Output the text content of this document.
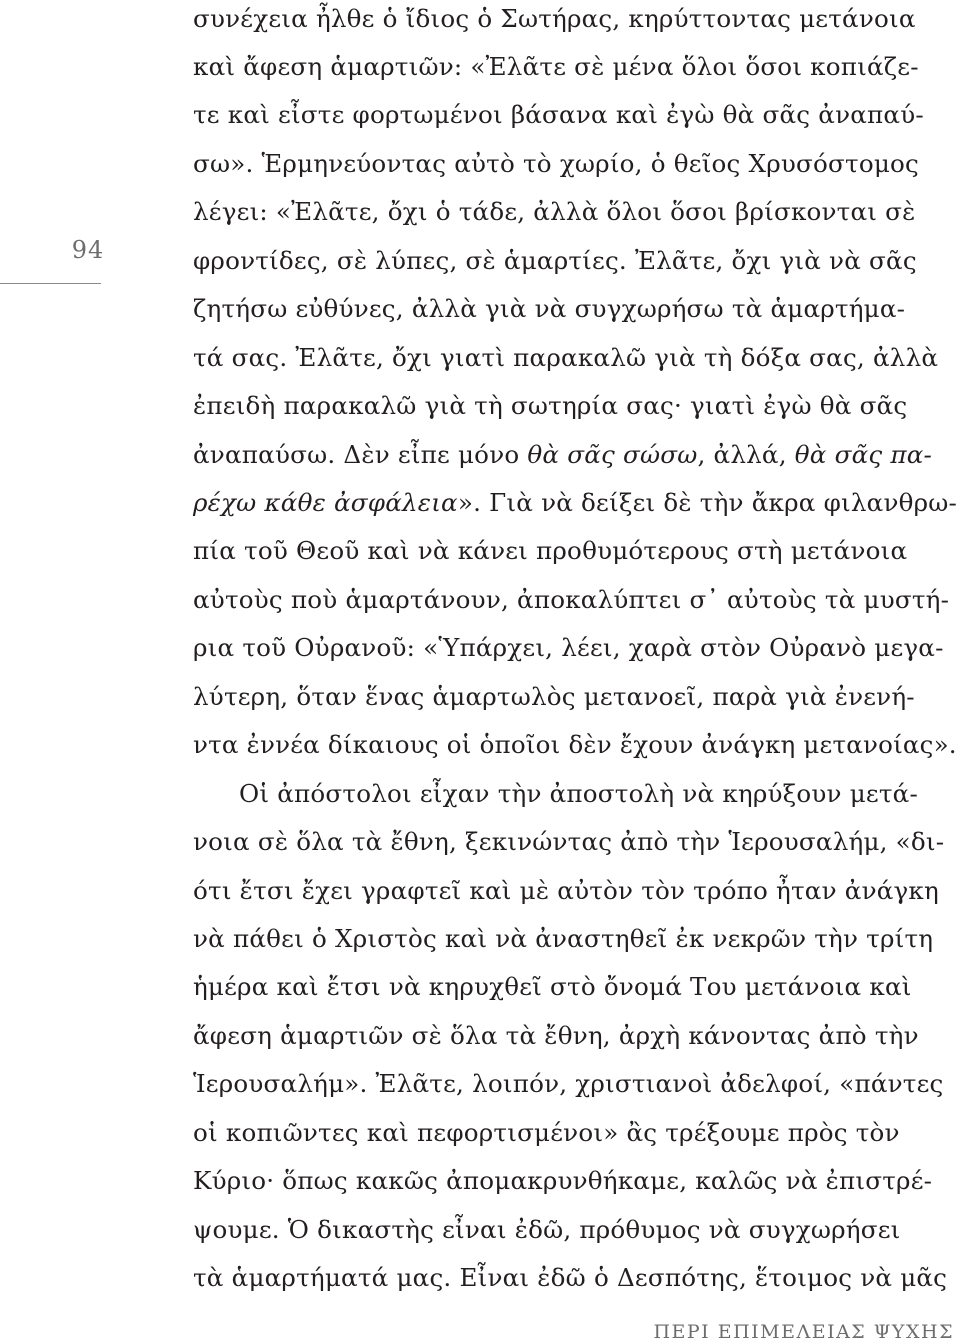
94
συνέχεια ἦλθε ὁ ἴδιος ὁ Σωτήρας, κηρύττοντας μετάνοια
καὶ ἄφεση ἁμαρτιῶν: «Ἐλᾶτε σὲ μένα ὅλοι ὅσοι κοπιάζε-
τε καὶ εἶστε φορτωμένοι βάσανα καὶ ἐγὼ θὰ σᾶς ἀναπαύ-
σω». Ἑρμηνεύοντας αὐτὸ τὸ χωρίο, ὁ θεῖος Χρυσόστομος
λέγει: «Ἐλᾶτε, ὄχι ὁ τάδε, ἀλλὰ ὅλοι ὅσοι βρίσκονται σὲ
φροντίδες, σὲ λύπες, σὲ ἁμαρτίες. Ἐλᾶτε, ὄχι γιὰ νὰ σᾶς
ζητήσω εὐθύνες, ἀλλὰ γιὰ νὰ συγχωρήσω τὰ ἁμαρτήμα-
τά σας. Ἐλᾶτε, ὄχι γιατὶ παρακαλῶ γιὰ τὴ δόξα σας, ἀλλὰ
ἐπειδὴ παρακαλῶ γιὰ τὴ σωτηρία σας· γιατὶ ἐγὼ θὰ σᾶς
ἀναπαύσω. Δὲν εἶπε μόνο θὰ σᾶς σώσω, ἀλλά, θὰ σᾶς πα-
ρέχω κάθε ἀσφάλεια». Γιὰ νὰ δείξει δὲ τὴν ἄκρα φιλανθρω-
πία τοῦ Θεοῦ καὶ νὰ κάνει προθυμότερους στὴ μετάνοια
αὐτοὺς ποὺ ἁμαρτάνουν, ἀποκαλύπτει σ᾽ αὐτοὺς τὰ μυστή-
ρια τοῦ Οὐρανοῦ: «Ὑπάρχει, λέει, χαρὰ στὸν Οὐρανὸ μεγα-
λύτερη, ὅταν ἕνας ἁμαρτωλὸς μετανοεῖ, παρὰ γιὰ ἐνενή-
ντα ἐννέα δίκαιους οἱ ὁποῖοι δὲν ἔχουν ἀνάγκη μετανοίας».
Οἱ ἀπόστολοι εἶχαν τὴν ἀποστολὴ νὰ κηρύξουν μετά-
νοια σὲ ὅλα τὰ ἔθνη, ξεκινώντας ἀπὸ τὴν Ἱερουσαλήμ, «δι-
ότι ἔτσι ἔχει γραφτεῖ καὶ μὲ αὐτὸν τὸν τρόπο ἦταν ἀνάγκη
νὰ πάθει ὁ Χριστὸς καὶ νὰ ἀναστηθεῖ ἐκ νεκρῶν τὴν τρίτη
ἡμέρα καὶ ἔτσι νὰ κηρυχθεῖ στὸ ὄνομά Του μετάνοια καὶ
ἄφεση ἁμαρτιῶν σὲ ὅλα τὰ ἔθνη, ἀρχὴ κάνοντας ἀπὸ τὴν
Ἱερουσαλήμ». Ἐλᾶτε, λοιπόν, χριστιανοὶ ἀδελφοί, «πάντες
οἱ κοπιῶντες καὶ πεφορτισμένοι» ἂς τρέξουμε πρὸς τὸν
Κύριο· ὅπως κακῶς ἀπομακρυνθήκαμε, καλῶς νὰ ἐπιστρέ-
ψουμε. Ὁ δικαστὴς εἶναι ἐδῶ, πρόθυμος νὰ συγχωρήσει
τὰ ἁμαρτήματά μας. Εἶναι ἐδῶ ὁ Δεσπότης, ἕτοιμος νὰ μᾶς
ΠΕΡΙ ΕΠΙΜΕΛΕΙΑΣ ΨΥΧΗΣ
